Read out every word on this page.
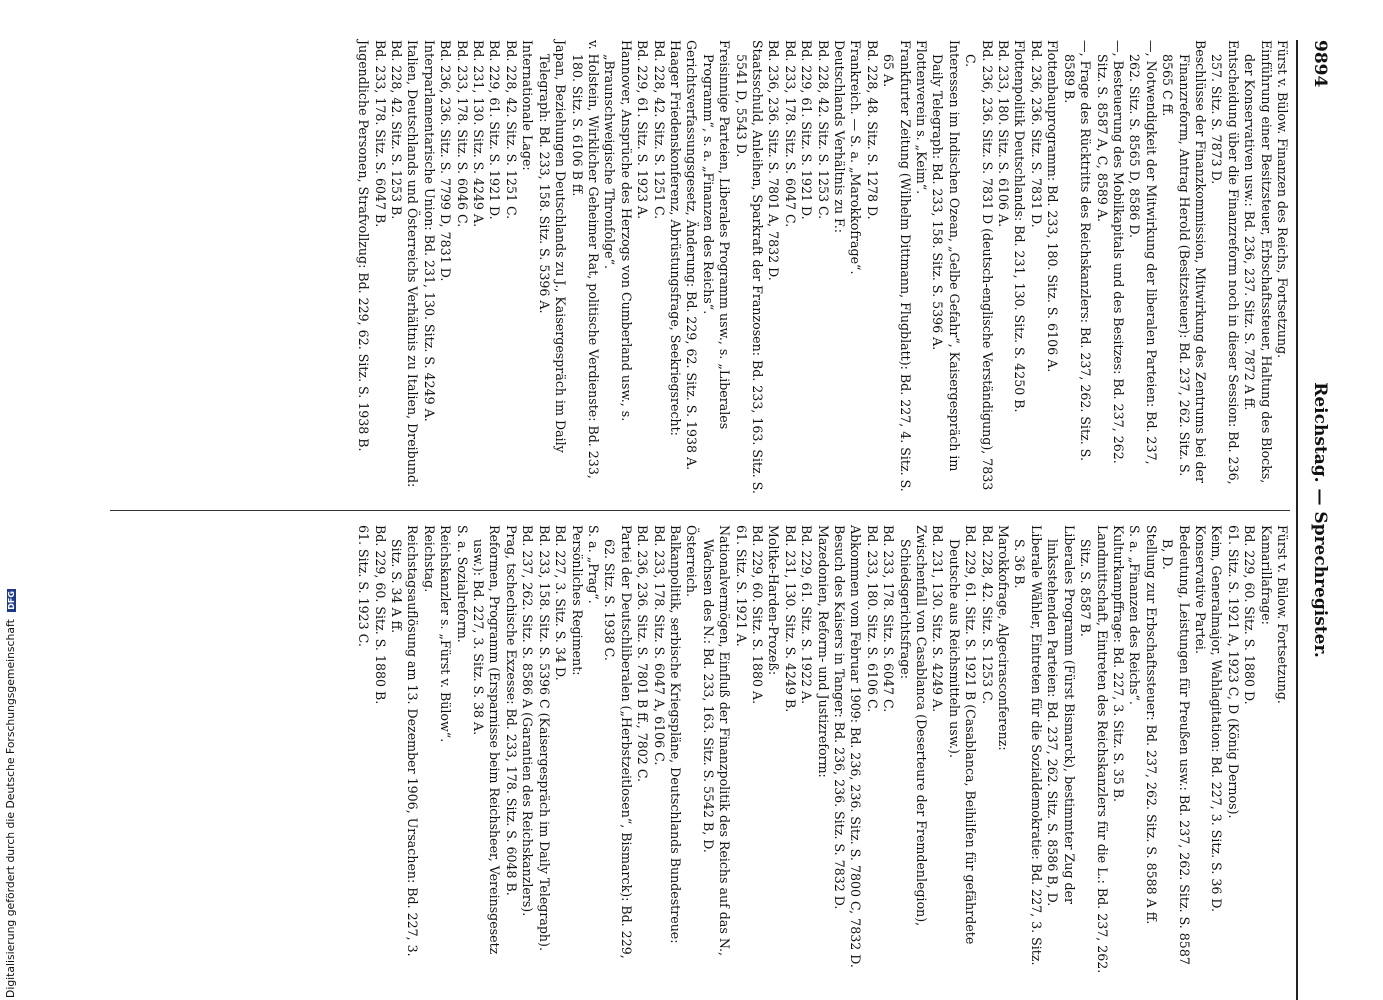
9894
Reichstag. — Sprechregister.

Fürst v. Bülow. Finanzen des Reichs, Fortsetzung.

Einführung einer Besitzsteuer, Erbschaftssteuer, Haltung des Blocks, der Konservativen usw.: Bd. 236, 237. Sitz. S. 7872 A ff.

Entscheidung über die Finanzreform noch in dieser Session: Bd. 236, 257. Sitz. S. 7873 D.

Beschlüsse der Finanzkommission, Mitwirkung des Zentrums bei der Finanzreform, Antrag Herold (Besitzsteuer): Bd. 237, 262. Sitz. S. 8565 C ff.

—, Notwendigkeit der Mitwirkung der liberalen Parteien: Bd. 237, 262. Sitz. S. 8565 D, 8586 D.

—, Besteuerung des Mobilkapitals und des Besitzes: Bd. 237, 262. Sitz. S. 8587 A, C, 8589 A.

—, Frage des Rücktritts des Reichskanzlers: Bd. 237, 262. Sitz. S. 8589 B.

Flottenbauprogramm: Bd. 233, 180. Sitz. S. 6106 A.

Bd. 236, 236. Sitz. S. 7831 D.

Flottenpolitik Deutschlands: Bd. 231, 130. Sitz. S. 4250 B.

Bd. 233, 180. Sitz. S. 6106 A.

Bd. 236, 236. Sitz. S. 7831 D (deutsch-englische Verständigung), 7833 C.

Interessen im Indischen Ozean, „Gelbe Gefahr“, Kaisergespräch im Daily Telegraph: Bd. 233, 158. Sitz. S. 5396 A.

Flottenverein s. „Keim“.

Frankfurter Zeitung (Wilhelm Dittmann, Flugblatt): Bd. 227, 4. Sitz. S. 65 A.

Bd. 228, 48. Sitz. S. 1278 D.

Frankreich. — S. a. „Marokkofrage“.

Deutschlands Verhältnis zu F.:

Bd. 228, 42. Sitz. S. 1253 C.

Bd. 229, 61. Sitz. S. 1921 D.

Bd. 233, 178. Sitz. S. 6047 C.

Bd. 236, 236. Sitz. S. 7801 A, 7832 D.

Staatsschuld, Anleihen, Sparkraft der Franzosen: Bd. 233, 163. Sitz. S. 5541 D, 5543 D.

Freisinnige Parteien, Liberales Programm usw., s. „Liberales Programm“, s. a. „Finanzen des Reichs“.

Gerichtsverfassungsgesetz, Änderung: Bd. 229, 62. Sitz. S. 1938 A.

Haager Friedenskonferenz, Abrüstungsfrage, Seekriegsrecht:

Bd. 228, 42. Sitz. S. 1251 C.

Bd. 229, 61. Sitz. S. 1923 A.

Hannover, Ansprüche des Herzogs von Cumberland usw., s. „Braunschweigische Thronfolge“.

v. Holstein, Wirklicher Geheimer Rat, politische Verdienste: Bd. 233, 180. Sitz. S. 6106 B ff.

Japan, Beziehungen Deutschlands zu J., Kaisergespräch im Daily Telegraph: Bd. 233, 158. Sitz. S. 5396 A.

Internationale Lage:

Bd. 228, 42. Sitz. S. 1251 C.

Bd. 229, 61. Sitz. S. 1921 D.

Bd. 231, 130. Sitz. S. 4249 A.

Bd. 233, 178. Sitz. S. 6046 C.

Bd. 236, 236. Sitz. S. 7799 D, 7831 D.

Interparlamentarische Union: Bd. 231, 130. Sitz. S. 4249 A.

Italien, Deutschlands und Österreichs Verhältnis zu Italien, Dreibund:

Bd. 228, 42. Sitz. S. 1253 B.

Bd. 233, 178. Sitz. S. 6047 B.

Jugendliche Personen, Strafvollzug: Bd. 229, 62. Sitz. S. 1938 B.

Fürst v. Bülow. Fortsetzung.

Kamarillafrage:

Bd. 229, 60. Sitz. S. 1880 D.

61. Sitz. S. 1921 A, 1923 C, D (König Dernos).

Keim, Generalmajor, Wahlagitation: Bd. 227, 3. Sitz. S. 36 D.

Konservative Partei.

Bedeutung, Leistungen für Preußen usw.: Bd. 237, 262. Sitz. S. 8587 B, D.

Stellung zur Erbschaftssteuer: Bd. 237, 262. Sitz. S. 8588 A ff.

S. a. „Finanzen des Reichs“.

Kulturkampffrage: Bd. 227, 3. Sitz. S. 35 B.

Landmittschaft, Eintreten des Reichskanzlers für die L.: Bd. 237, 262. Sitz. S. 8587 B.

Liberales Programm (Fürst Bismarck), bestimmter Zug der linksstehenden Parteien: Bd. 237, 262. Sitz. S. 8586 B, D.

Liberale Wähler, Eintreten für die Sozialdemokratie: Bd. 227, 3. Sitz. S. 36 B.

Marokkofrage, Algecirasconferenz:

Bd. 228, 42. Sitz. S. 1253 C.

Bd. 229, 61. Sitz. S. 1921 B (Casablanca, Beihilfen für gefährdete Deutsche aus Reichsmitteln usw.).

Bd. 231, 130. Sitz. S. 4249 A.

Zwischenfall von Casablanca (Deserteure der Fremdenlegion), Schiedsgerichtsfrage:

Bd. 233, 178. Sitz. S. 6047 C.

Bd. 233, 180. Sitz. S. 6106 C.

Abkommen vom Februar 1909: Bd. 236, 236. Sitz. S. 7800 C, 7832 D.

Besuch des Kaisers in Tanger: Bd. 236, 236. Sitz. S. 7832 D.

Mazedonien, Reform- und Justizreform:

Bd. 229, 61. Sitz. S. 1922 A.

Bd. 231, 130. Sitz. S. 4249 B.

Moltke-Harden-Prozeß:

Bd. 229, 60. Sitz. S. 1880 A.

61. Sitz. S. 1921 A.

Nationalvermögen, Einfluß der Finanzpolitik des Reichs auf das N., Wachsen des N.: Bd. 233, 163. Sitz. S. 5542 B, D.

Österreich.

Balkanpolitik, serbische Kriegspläne, Deutschlands Bundestreue:

Bd. 233, 178. Sitz. S. 6047 A, 6106 C.

Bd. 236, 236. Sitz. S. 7801 B ff., 7802 C.

Partei der Deutschliberalen („Herbstzeitlosen“, Bismarck): Bd. 229, 62. Sitz. S. 1938 C.

S. a. „Prag“.

Persönliches Regiment:

Bd. 227, 3. Sitz. S. 34 D.

Bd. 233, 158. Sitz. S. 5396 C (Kaisergespräch im Daily Telegraph).

Bd. 237, 262. Sitz. S. 8586 A (Garantien des Reichskanzlers).

Prag, tschechische Exzesse: Bd. 233, 178. Sitz. S. 6048 B.

Reformen, Programm (Ersparnisse beim Reichsheer, Vereinsgesetz usw.): Bd. 227, 3. Sitz. S. 38 A.

S. a. Sozialreform.

Reichskanzler s. „Fürst v. Bülow“.

Reichstag.

Reichstagsauflösung am 13. Dezember 1906, Ursachen: Bd. 227, 3. Sitz. S. 34 A ff.

Bd. 229, 60. Sitz. S. 1880 B.

61. Sitz. S. 1923 C.

Digitalisierung gefördert durch die Deutsche Forschungsgemeinschaft DFG
